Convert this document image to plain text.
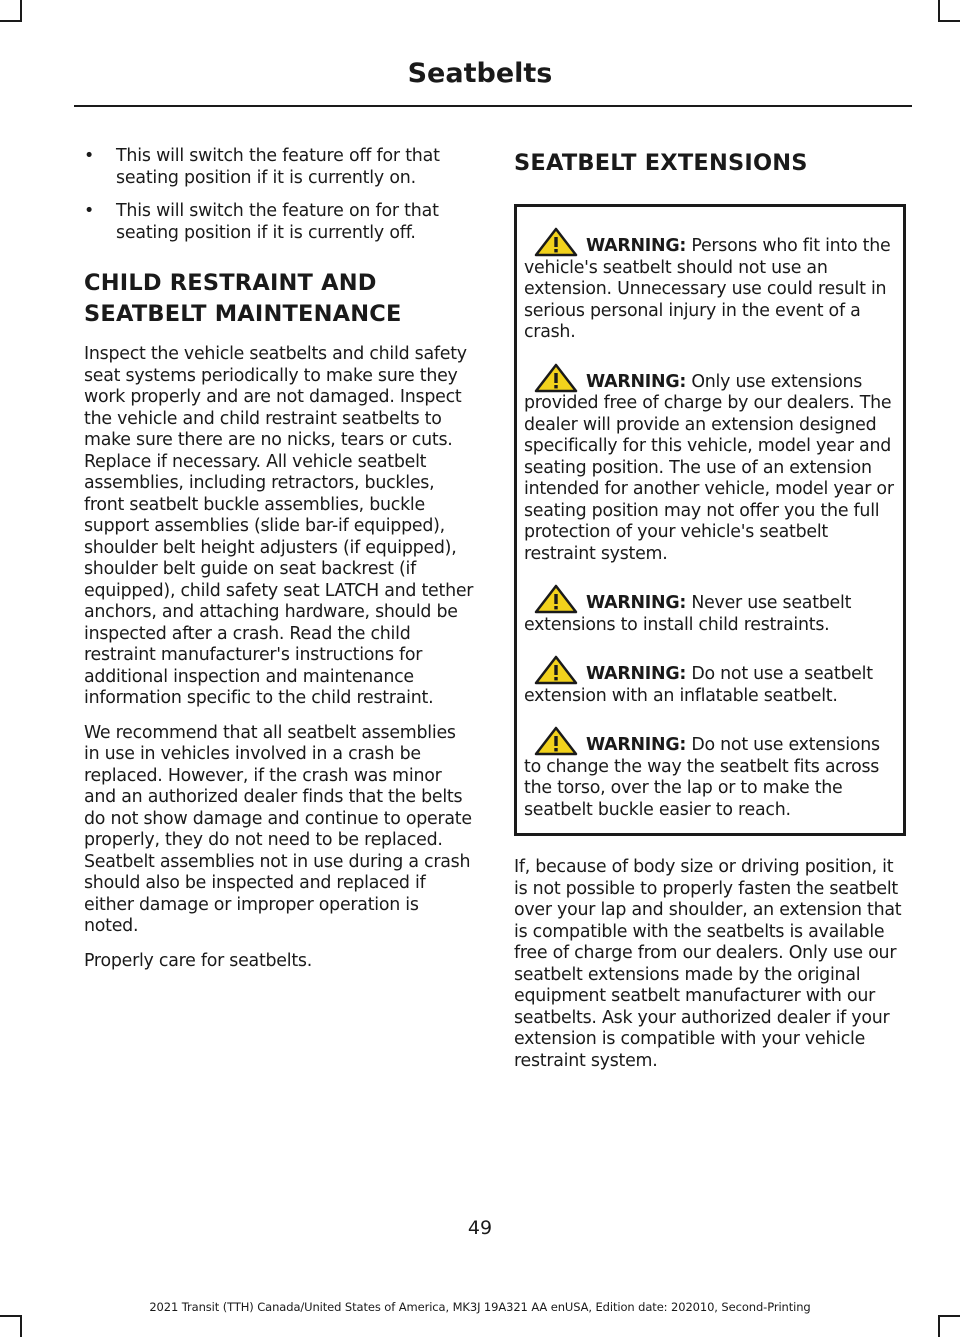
Seatbelts
• This will switch the feature off for that seating position if it is currently on.
• This will switch the feature on for that seating position if it is currently off.
CHILD RESTRAINT AND
SEATBELT MAINTENANCE

Inspect the vehicle seatbelts and child safety seat systems periodically to make sure they work properly and are not damaged. Inspect the vehicle and child restraint seatbelts to make sure there are no nicks, tears or cuts. Replace if necessary. All vehicle seatbelt assemblies, including retractors, buckles, front seatbelt buckle assemblies, buckle support assemblies (slide bar-if equipped), shoulder belt height adjusters (if equipped), shoulder belt guide on seat backrest (if equipped), child safety seat LATCH and tether anchors, and attaching hardware, should be inspected after a crash. Read the child restraint manufacturer's instructions for additional inspection and maintenance information specific to the child restraint.

We recommend that all seatbelt assemblies in use in vehicles involved in a crash be replaced. However, if the crash was minor and an authorized dealer finds that the belts do not show damage and continue to operate properly, they do not need to be replaced. Seatbelt assemblies not in use during a crash should also be inspected and replaced if either damage or improper operation is noted.

Properly care for seatbelts.

SEATBELT EXTENSIONS
WARNING: Persons who fit into the vehicle's seatbelt should not use an extension. Unnecessary use could result in serious personal injury in the event of a crash.
WARNING: Only use extensions provided free of charge by our dealers. The dealer will provide an extension designed specifically for this vehicle, model year and seating position. The use of an extension intended for another vehicle, model year or seating position may not offer you the full protection of your vehicle's seatbelt restraint system.
WARNING: Never use seatbelt extensions to install child restraints.
WARNING: Do not use a seatbelt extension with an inflatable seatbelt.
WARNING: Do not use extensions to change the way the seatbelt fits across the torso, over the lap or to make the seatbelt buckle easier to reach.

If, because of body size or driving position, it is not possible to properly fasten the seatbelt over your lap and shoulder, an extension that is compatible with the seatbelts is available free of charge from our dealers. Only use our seatbelt extensions made by the original equipment seatbelt manufacturer with our seatbelts. Ask your authorized dealer if your extension is compatible with your vehicle restraint system.

49
2021 Transit (TTH) Canada/United States of America, MK3J 19A321 AA enUSA, Edition date: 202010, Second-Printing
